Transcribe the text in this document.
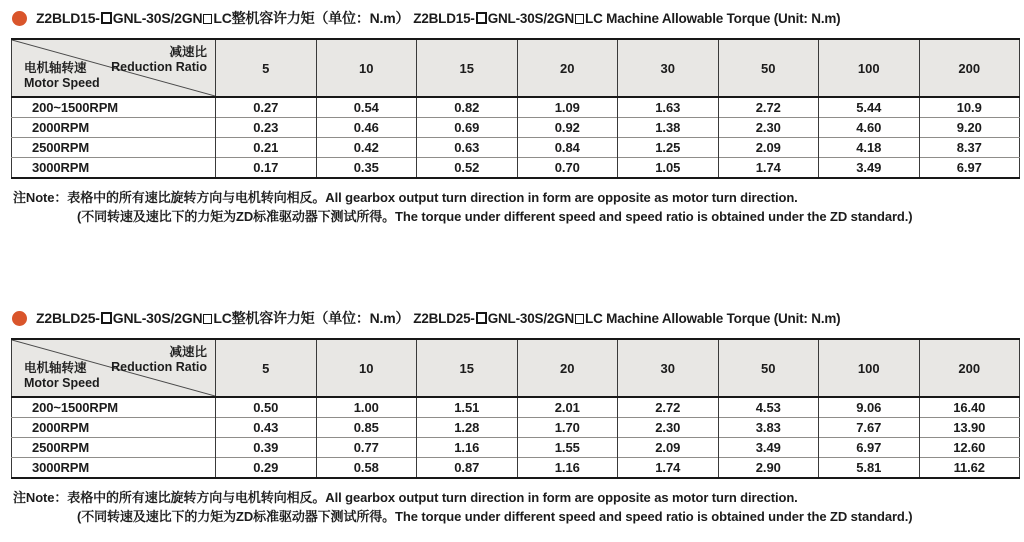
Z2BLD15- GNL-30S/2GN LC整机容许力矩（单位：N.m） Z2BLD15- GNL-30S/2GN LC Machine Allowable Torque (Unit: N.m)
减速比
Reduction Ratio
电机轴转速
Motor Speed	5	10	15	20	30	50	100	200
200~1500RPM	0.27	0.54	0.82	1.09	1.63	2.72	5.44	10.9
2000RPM	0.23	0.46	0.69	0.92	1.38	2.30	4.60	9.20
2500RPM	0.21	0.42	0.63	0.84	1.25	2.09	4.18	8.37
3000RPM	0.17	0.35	0.52	0.70	1.05	1.74	3.49	6.97
注Note：表格中的所有速比旋转方向与电机转向相反。All gearbox output turn direction in form are opposite as motor turn direction.
(不同转速及速比下的力矩为ZD标准驱动器下测试所得。The torque under different speed and speed ratio is obtained under the ZD standard.)
Z2BLD25- GNL-30S/2GN LC整机容许力矩（单位：N.m） Z2BLD25- GNL-30S/2GN LC Machine Allowable Torque (Unit: N.m)
减速比
Reduction Ratio
电机轴转速
Motor Speed	5	10	15	20	30	50	100	200
200~1500RPM	0.50	1.00	1.51	2.01	2.72	4.53	9.06	16.40
2000RPM	0.43	0.85	1.28	1.70	2.30	3.83	7.67	13.90
2500RPM	0.39	0.77	1.16	1.55	2.09	3.49	6.97	12.60
3000RPM	0.29	0.58	0.87	1.16	1.74	2.90	5.81	11.62
注Note：表格中的所有速比旋转方向与电机转向相反。All gearbox output turn direction in form are opposite as motor turn direction.
(不同转速及速比下的力矩为ZD标准驱动器下测试所得。The torque under different speed and speed ratio is obtained under the ZD standard.)
